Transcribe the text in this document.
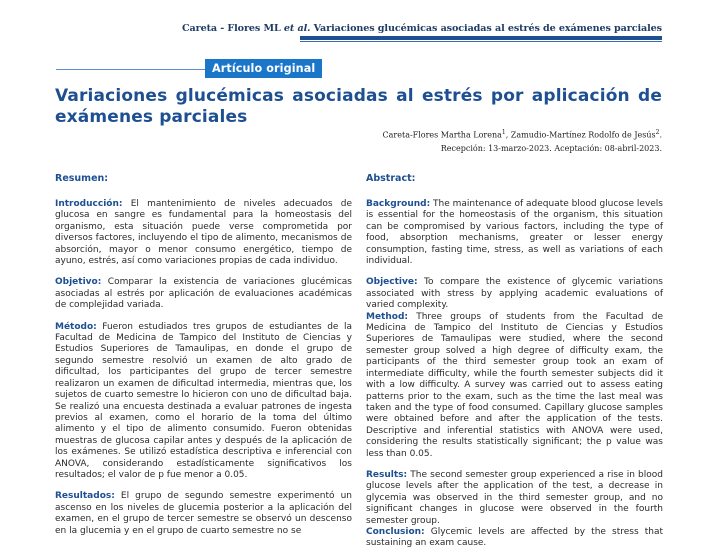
Careta - Flores ML et al. Variaciones glucémicas asociadas al estrés de exámenes parciales
Artículo original
Variaciones glucémicas asociadas al estrés por aplicación de exámenes parciales
Careta-Flores Martha Lorena$^1$, Zamudio-Martínez Rodolfo de Jesús$^2$.
Recepción: 13-marzo-2023. Aceptación: 08-abril-2023.
Resumen:

Introducción: El mantenimiento de niveles adecuados de glucosa en sangre es fundamental para la homeostasis del organismo, esta situación puede verse comprometida por diversos factores, incluyendo el tipo de alimento, mecanismos de absorción, mayor o menor consumo energético, tiempo de ayuno, estrés, así como variaciones propias de cada individuo.

Objetivo: Comparar la existencia de variaciones glucémicas asociadas al estrés por aplicación de evaluaciones académicas de complejidad variada.

Método: Fueron estudiados tres grupos de estudiantes de la Facultad de Medicina de Tampico del Instituto de Ciencias y Estudios Superiores de Tamaulipas, en donde el grupo de segundo semestre resolvió un examen de alto grado de dificultad, los participantes del grupo de tercer semestre realizaron un examen de dificultad intermedia, mientras que, los sujetos de cuarto semestre lo hicieron con uno de dificultad baja. Se realizó una encuesta destinada a evaluar patrones de ingesta previos al examen, como el horario de la toma del último alimento y el tipo de alimento consumido. Fueron obtenidas muestras de glucosa capilar antes y después de la aplicación de los exámenes. Se utilizó estadística descriptiva e inferencial con ANOVA, considerando estadísticamente significativos los resultados; el valor de p fue menor a 0.05.

Resultados: El grupo de segundo semestre experimentó un ascenso en los niveles de glucemia posterior a la aplicación del examen, en el grupo de tercer semestre se observó un descenso en la glucemia y en el grupo de cuarto semestre no se

Abstract:

Background: The maintenance of adequate blood glucose levels is essential for the homeostasis of the organism, this situation can be compromised by various factors, including the type of food, absorption mechanisms, greater or lesser energy consumption, fasting time, stress, as well as variations of each individual.

Objective: To compare the existence of glycemic variations associated with stress by applying academic evaluations of varied complexity.

Method: Three groups of students from the Facultad de Medicina de Tampico del Instituto de Ciencias y Estudios Superiores de Tamaulipas were studied, where the second semester group solved a high degree of difficulty exam, the participants of the third semester group took an exam of intermediate difficulty, while the fourth semester subjects did it with a low difficulty. A survey was carried out to assess eating patterns prior to the exam, such as the time the last meal was taken and the type of food consumed. Capillary glucose samples were obtained before and after the application of the tests. Descriptive and inferential statistics with ANOVA were used, considering the results statistically significant; the p value was less than 0.05.

Results: The second semester group experienced a rise in blood glucose levels after the application of the test, a decrease in glycemia was observed in the third semester group, and no significant changes in glucose were observed in the fourth semester group.

Conclusion: Glycemic levels are affected by the stress that sustaining an exam cause.
